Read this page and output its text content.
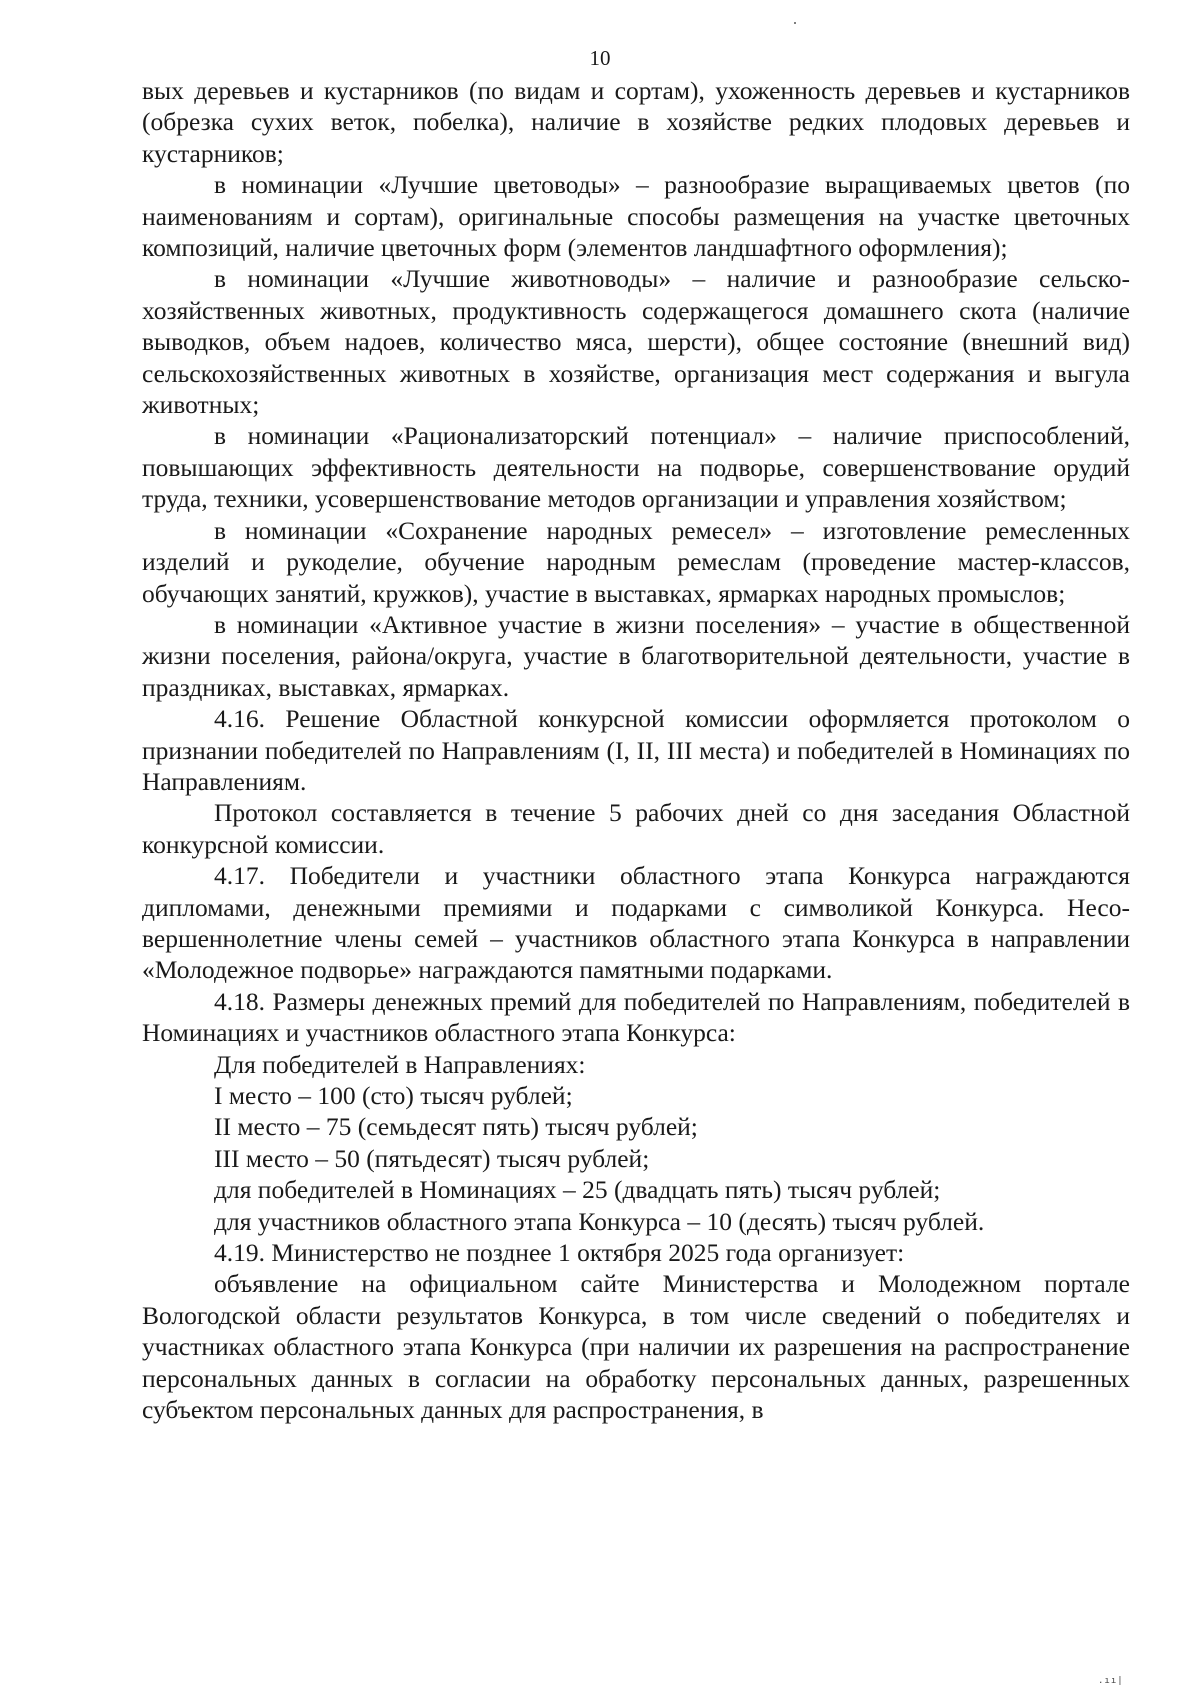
10

вых деревьев и кустарников (по видам и сортам), ухоженность деревьев и кустарников (обрезка сухих веток, побелка), наличие в хозяйстве редких плодовых деревьев и кустарников;

в номинации «Лучшие цветоводы» – разнообразие выращиваемых цветов (по наименованиям и сортам), оригинальные способы размещения на участке цветочных композиций, наличие цветочных форм (элементов ландшафтного оформления);

в номинации «Лучшие животноводы» – наличие и разнообразие сельскохозяйственных животных, продуктивность содержащегося домашнего скота (наличие выводков, объем надоев, количество мяса, шерсти), общее состояние (внешний вид) сельскохозяйственных животных в хозяйстве, организация мест содержания и выгула животных;

в номинации «Рационализаторский потенциал» – наличие приспособлений, повышающих эффективность деятельности на подворье, совершенствование орудий труда, техники, усовершенствование методов организации и управления хозяйством;

в номинации «Сохранение народных ремесел» – изготовление ремесленных изделий и рукоделие, обучение народным ремеслам (проведение мастер-классов, обучающих занятий, кружков), участие в выставках, ярмарках народных промыслов;

в номинации «Активное участие в жизни поселения» – участие в общественной жизни поселения, района/округа, участие в благотворительной деятельности, участие в праздниках, выставках, ярмарках.

4.16. Решение Областной конкурсной комиссии оформляется протоколом о признании победителей по Направлениям (I, II, III места) и победителей в Номинациях по Направлениям.

Протокол составляется в течение 5 рабочих дней со дня заседания Областной конкурсной комиссии.

4.17. Победители и участники областного этапа Конкурса награждаются дипломами, денежными премиями и подарками с символикой Конкурса. Несовершеннолетние члены семей – участников областного этапа Конкурса в направлении «Молодежное подворье» награждаются памятными подарками.

4.18. Размеры денежных премий для победителей по Направлениям, победителей в Номинациях и участников областного этапа Конкурса:

Для победителей в Направлениях:

I место – 100 (сто) тысяч рублей;

II место – 75 (семьдесят пять) тысяч рублей;

III место – 50 (пятьдесят) тысяч рублей;

для победителей в Номинациях – 25 (двадцать пять) тысяч рублей;

для участников областного этапа Конкурса – 10 (десять) тысяч рублей.

4.19. Министерство не позднее 1 октября 2025 года организует:

объявление на официальном сайте Министерства и Молодежном портале Вологодской области результатов Конкурса, в том числе сведений о победителях и участниках областного этапа Конкурса (при наличии их разрешения на распространение персональных данных в согласии на обработку персональных данных, разрешенных субъектом персональных данных для распространения, в

.ıı|
